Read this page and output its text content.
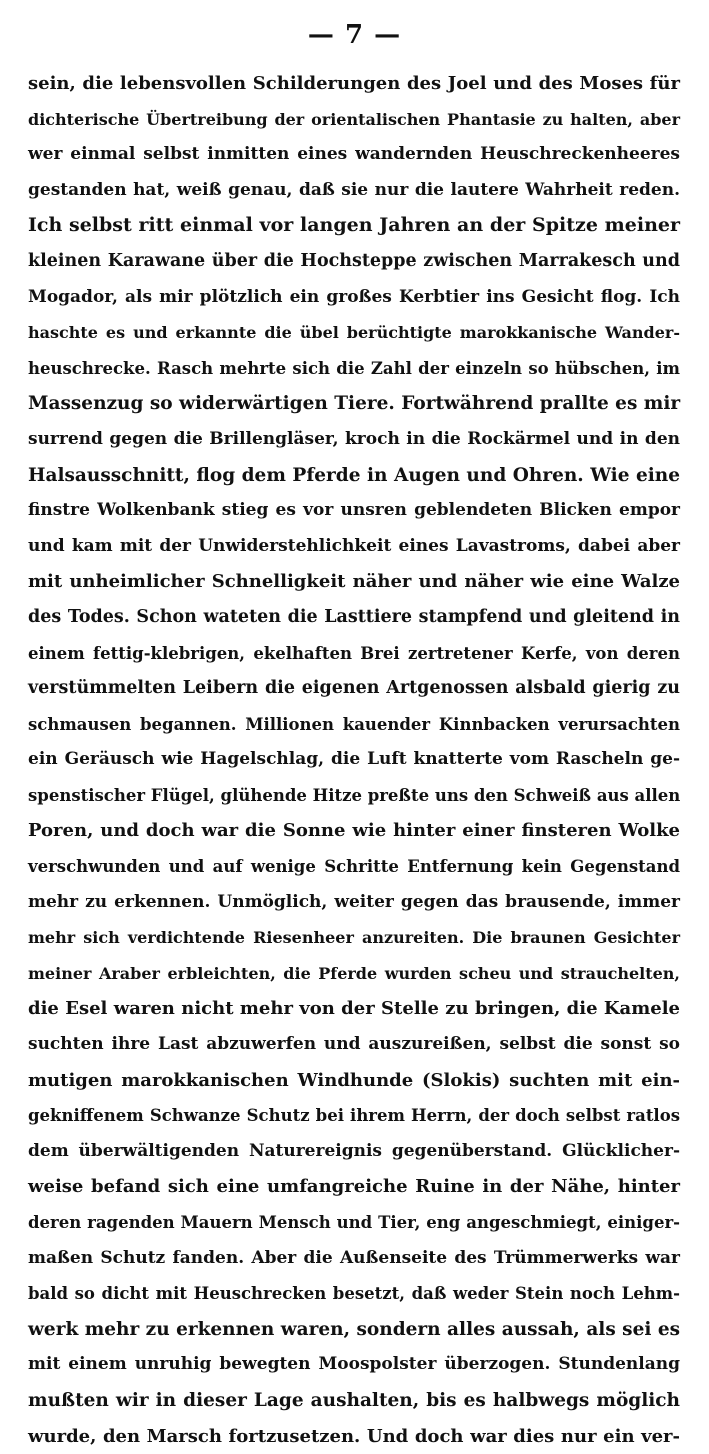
— 7 —
sein, die lebensvollen Schilderungen des Joel und des Moses für
dichterische Übertreibung der orientalischen Phantasie zu halten, aber
wer einmal selbst inmitten eines wandernden Heuschreckenheeres
gestanden hat, weiß genau, daß sie nur die lautere Wahrheit reden.
Ich selbst ritt einmal vor langen Jahren an der Spitze meiner
kleinen Karawane über die Hochsteppe zwischen Marrakesch und
Mogador, als mir plötzlich ein großes Kerbtier ins Gesicht flog. Ich
haschte es und erkannte die übel berüchtigte marokkanische Wander-
heuschrecke. Rasch mehrte sich die Zahl der einzeln so hübschen, im
Massenzug so widerwärtigen Tiere. Fortwährend prallte es mir
surrend gegen die Brillengläser, kroch in die Rockärmel und in den
Halsausschnitt, flog dem Pferde in Augen und Ohren. Wie eine
finstre Wolkenbank stieg es vor unsren geblendeten Blicken empor
und kam mit der Unwiderstehlichkeit eines Lavastroms, dabei aber
mit unheimlicher Schnelligkeit näher und näher wie eine Walze
des Todes. Schon wateten die Lasttiere stampfend und gleitend in
einem fettig-klebrigen, ekelhaften Brei zertretener Kerfe, von deren
verstümmelten Leibern die eigenen Artgenossen alsbald gierig zu
schmausen begannen. Millionen kauender Kinnbacken verursachten
ein Geräusch wie Hagelschlag, die Luft knatterte vom Rascheln ge-
spenstischer Flügel, glühende Hitze preßte uns den Schweiß aus allen
Poren, und doch war die Sonne wie hinter einer finsteren Wolke
verschwunden und auf wenige Schritte Entfernung kein Gegenstand
mehr zu erkennen. Unmöglich, weiter gegen das brausende, immer
mehr sich verdichtende Riesenheer anzureiten. Die braunen Gesichter
meiner Araber erbleichten, die Pferde wurden scheu und strauchelten,
die Esel waren nicht mehr von der Stelle zu bringen, die Kamele
suchten ihre Last abzuwerfen und auszureißen, selbst die sonst so
mutigen marokkanischen Windhunde (Slokis) suchten mit ein-
gekniffenem Schwanze Schutz bei ihrem Herrn, der doch selbst ratlos
dem überwältigenden Naturereignis gegenüberstand. Glücklicher-
weise befand sich eine umfangreiche Ruine in der Nähe, hinter
deren ragenden Mauern Mensch und Tier, eng angeschmiegt, einiger-
maßen Schutz fanden. Aber die Außenseite des Trümmerwerks war
bald so dicht mit Heuschrecken besetzt, daß weder Stein noch Lehm-
werk mehr zu erkennen waren, sondern alles aussah, als sei es
mit einem unruhig bewegten Moospolster überzogen. Stundenlang
mußten wir in dieser Lage aushalten, bis es halbwegs möglich
wurde, den Marsch fortzusetzen. Und doch war dies nur ein ver-
